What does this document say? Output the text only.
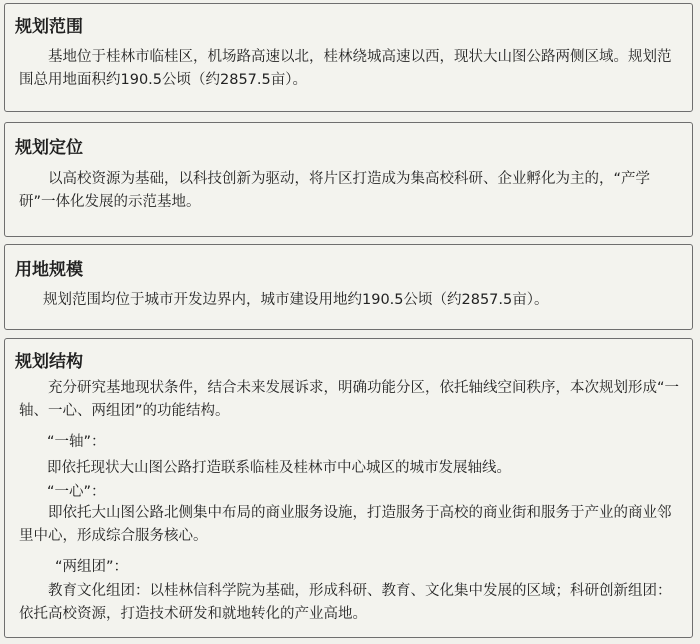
规划范围
基地位于桂林市临桂区，机场路高速以北，桂林绕城高速以西，现状大山图公路两侧区域。规划范围总用地面积约190.5公顷（约2857.5亩）。
规划定位
以高校资源为基础，以科技创新为驱动，将片区打造成为集高校科研、企业孵化为主的，“产学研”一体化发展的示范基地。
用地规模
规划范围均位于城市开发边界内，城市建设用地约190.5公顷（约2857.5亩）。
规划结构
充分研究基地现状条件，结合未来发展诉求，明确功能分区，依托轴线空间秩序，本次规划形成“一轴、一心、两组团”的功能结构。
“一轴”：
即依托现状大山图公路打造联系临桂及桂林市中心城区的城市发展轴线。
“一心”：
即依托大山图公路北侧集中布局的商业服务设施，打造服务于高校的商业街和服务于产业的商业邻里中心，形成综合服务核心。
“两组团”：
教育文化组团：以桂林信科学院为基础，形成科研、教育、文化集中发展的区域；科研创新组团：依托高校资源，打造技术研发和就地转化的产业高地。
